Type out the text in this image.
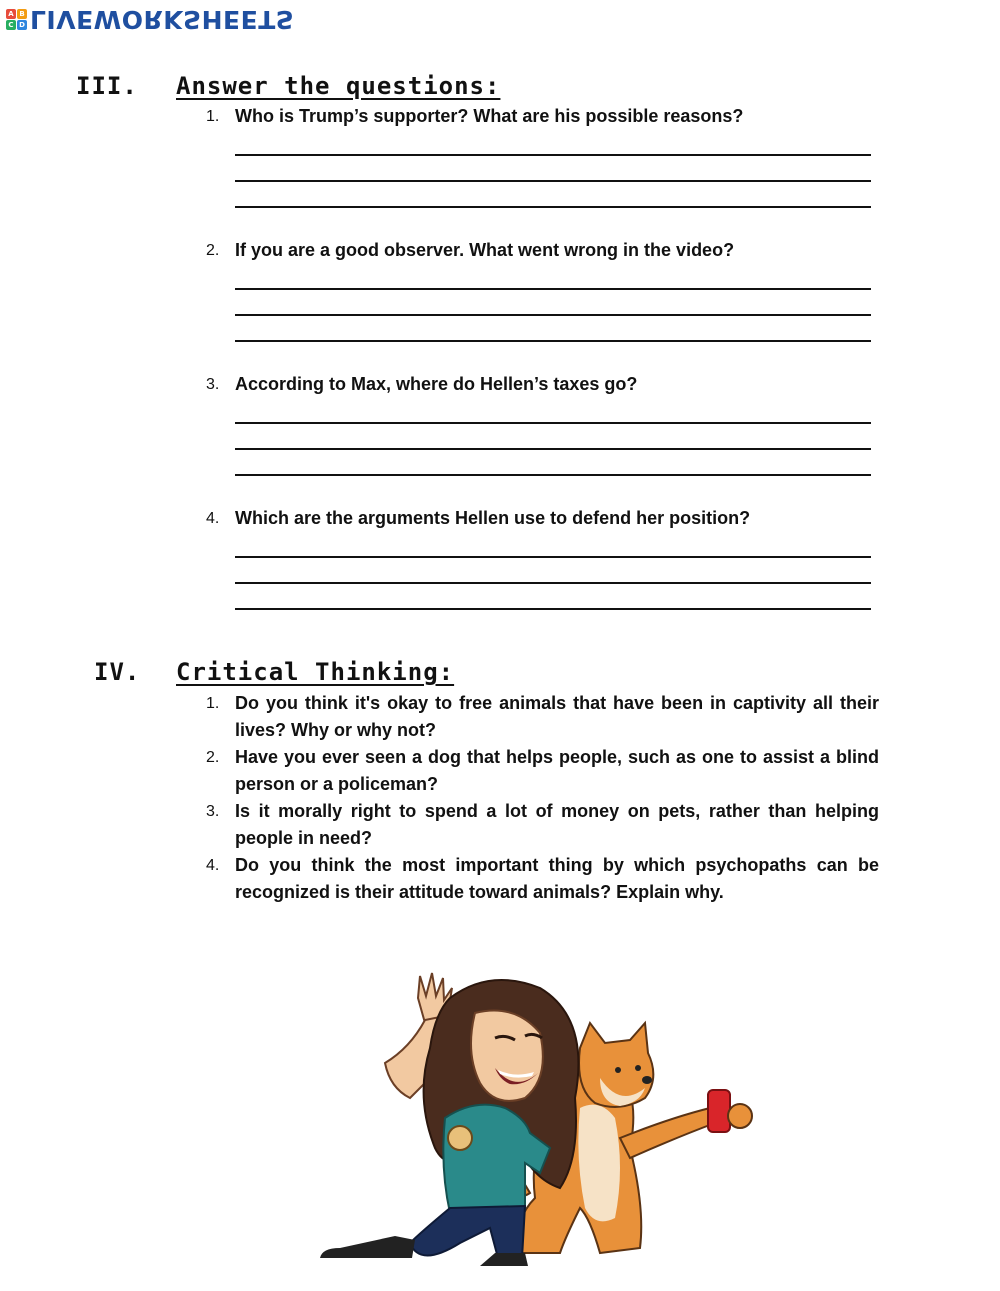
A B
C D LIVEWORKSHEETS
III.	Answer the questions:
1. Who is Trump’s supporter? What are his possible reasons?
2. If you are a good observer. What went wrong in the video?
3. According to Max, where do Hellen’s taxes go?
4. Which are the arguments Hellen use to defend her position?
IV.	Critical Thinking:
1. Do you think it's okay to free animals that have been in captivity all their lives? Why or why not?
2. Have you ever seen a dog that helps people, such as one to assist a blind person or a policeman?
3. Is it morally right to spend a lot of money on pets, rather than helping people in need?
4. Do you think the most important thing by which psychopaths can be recognized is their attitude toward animals? Explain why.
